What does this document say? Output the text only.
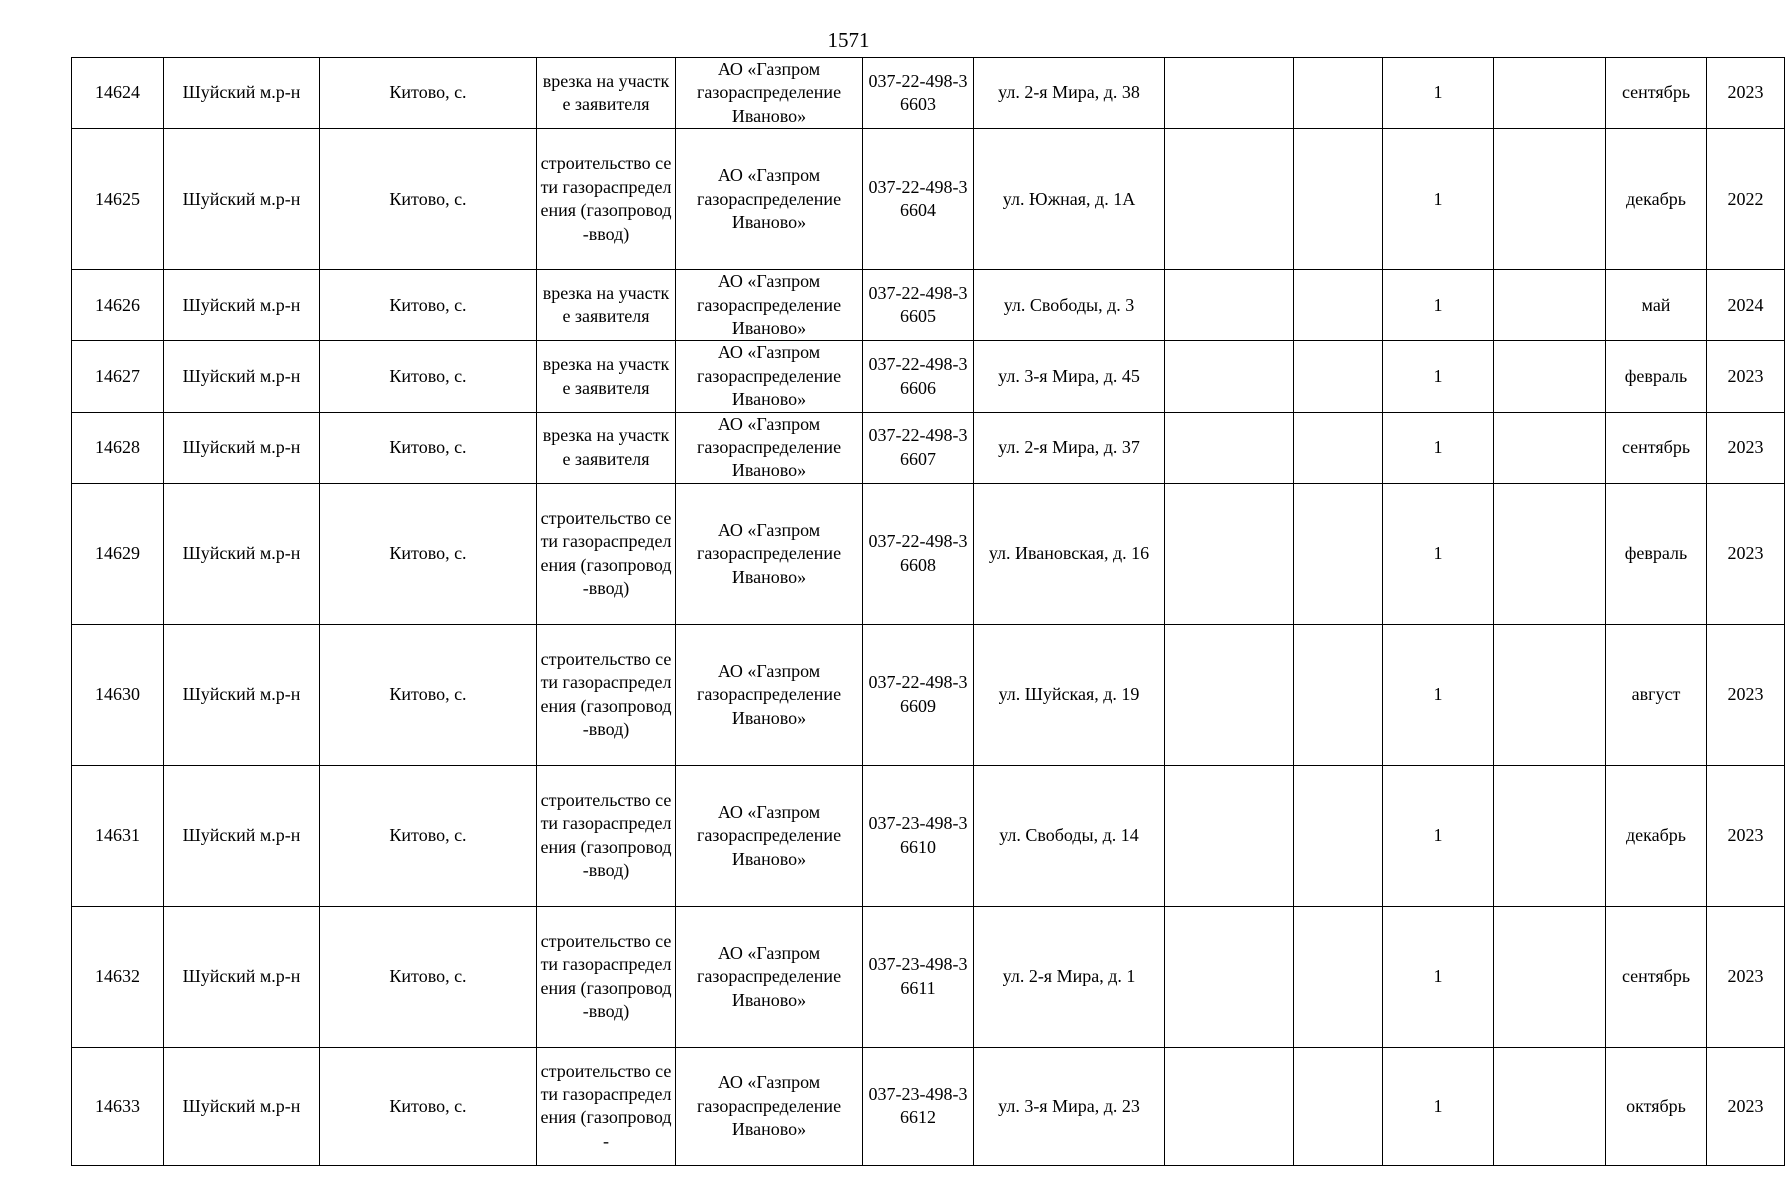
1571
14624	Шуйский м.р-н	Китово, с.	врезка на участке заявителя	АО «Газпром газораспределение Иваново»	037-22-498-36603	ул. 2-я Мира, д. 38			1		сентябрь	2023
14625	Шуйский м.р-н	Китово, с.	строительство сети газораспределения (газопровод-ввод)	АО «Газпром газораспределение Иваново»	037-22-498-36604	ул. Южная, д. 1А			1		декабрь	2022
14626	Шуйский м.р-н	Китово, с.	врезка на участке заявителя	АО «Газпром газораспределение Иваново»	037-22-498-36605	ул. Свободы, д. 3			1		май	2024
14627	Шуйский м.р-н	Китово, с.	врезка на участке заявителя	АО «Газпром газораспределение Иваново»	037-22-498-36606	ул. 3-я Мира, д. 45			1		февраль	2023
14628	Шуйский м.р-н	Китово, с.	врезка на участке заявителя	АО «Газпром газораспределение Иваново»	037-22-498-36607	ул. 2-я Мира, д. 37			1		сентябрь	2023
14629	Шуйский м.р-н	Китово, с.	строительство сети газораспределения (газопровод-ввод)	АО «Газпром газораспределение Иваново»	037-22-498-36608	ул. Ивановская, д. 16			1		февраль	2023
14630	Шуйский м.р-н	Китово, с.	строительство сети газораспределения (газопровод-ввод)	АО «Газпром газораспределение Иваново»	037-22-498-36609	ул. Шуйская, д. 19			1		август	2023
14631	Шуйский м.р-н	Китово, с.	строительство сети газораспределения (газопровод-ввод)	АО «Газпром газораспределение Иваново»	037-23-498-36610	ул. Свободы, д. 14			1		декабрь	2023
14632	Шуйский м.р-н	Китово, с.	строительство сети газораспределения (газопровод-ввод)	АО «Газпром газораспределение Иваново»	037-23-498-36611	ул. 2-я Мира, д. 1			1		сентябрь	2023
14633	Шуйский м.р-н	Китово, с.	строительство сети газораспределения (газопровод-	АО «Газпром газораспределение Иваново»	037-23-498-36612	ул. 3-я Мира, д. 23			1		октябрь	2023
